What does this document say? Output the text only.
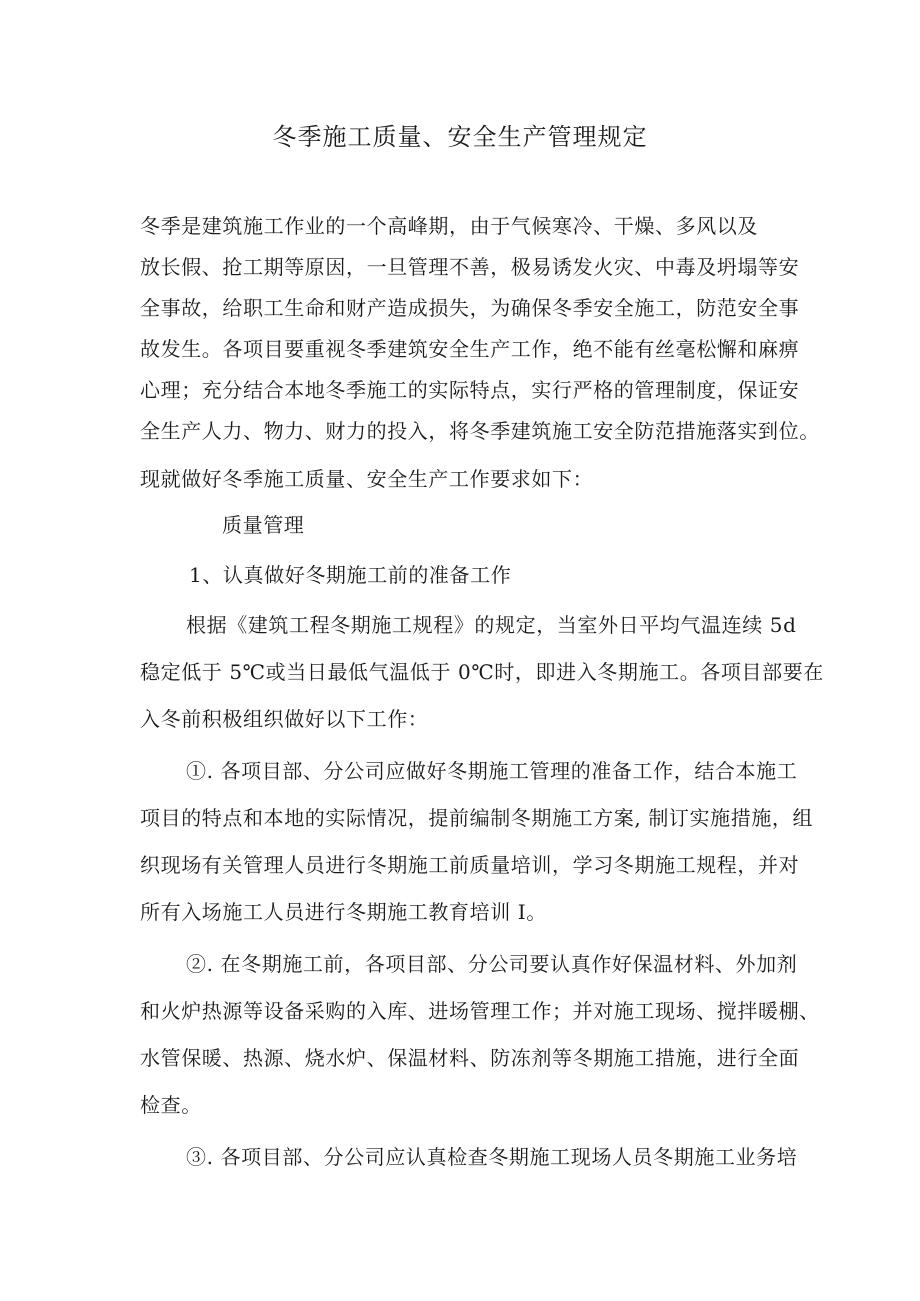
冬季施工质量、安全生产管理规定
冬季是建筑施工作业的一个高峰期，由于气候寒冷、干燥、多风以及
放长假、抢工期等原因，一旦管理不善，极易诱发火灾、中毒及坍塌等安
全事故，给职工生命和财产造成损失，为确保冬季安全施工，防范安全事
故发生。各项目要重视冬季建筑安全生产工作，绝不能有丝毫松懈和麻痹
心理；充分结合本地冬季施工的实际特点，实行严格的管理制度，保证安
全生产人力、物力、财力的投入，将冬季建筑施工安全防范措施落实到位。
现就做好冬季施工质量、安全生产工作要求如下：
质量管理
1、认真做好冬期施工前的准备工作
根据《建筑工程冬期施工规程》的规定，当室外日平均气温连续 5d
稳定低于 5℃或当日最低气温低于 0℃时，即进入冬期施工。各项目部要在
入冬前积极组织做好以下工作：
①. 各项目部、分公司应做好冬期施工管理的准备工作，结合本施工
项目的特点和本地的实际情况，提前编制冬期施工方案, 制订实施措施，组
织现场有关管理人员进行冬期施工前质量培训，学习冬期施工规程，并对
所有入场施工人员进行冬期施工教育培训 I。
②. 在冬期施工前，各项目部、分公司要认真作好保温材料、外加剂
和火炉热源等设备采购的入库、进场管理工作；并对施工现场、搅拌暖棚、
水管保暖、热源、烧水炉、保温材料、防冻剂等冬期施工措施，进行全面
检查。
③. 各项目部、分公司应认真检查冬期施工现场人员冬期施工业务培
